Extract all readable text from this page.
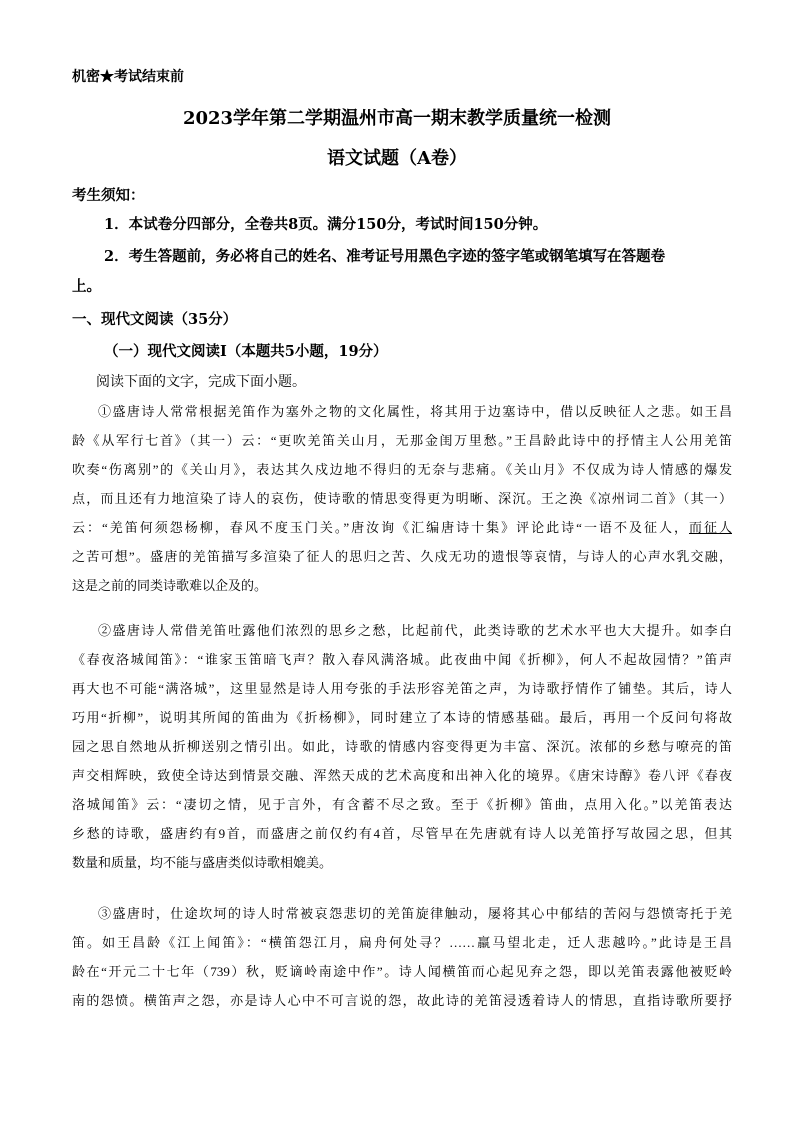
机密★考试结束前
2023学年第二学期温州市高一期末教学质量统一检测
语文试题（A卷）
考生须知：
1．本试卷分四部分，全卷共8页。满分150分，考试时间150分钟。
2．考生答题前，务必将自己的姓名、准考证号用黑色字迹的签字笔或钢笔填写在答题卷
上。
一、现代文阅读（35分）
（一）现代文阅读Ⅰ（本题共5小题，19分）
阅读下面的文字，完成下面小题。
①盛唐诗人常常根据羌笛作为塞外之物的文化属性，将其用于边塞诗中，借以反映征人之悲。如王昌
龄《从军行七首》（其一）云：“更吹羌笛关山月，无那金闺万里愁。”王昌龄此诗中的抒情主人公用羌笛
吹奏“伤离别”的《关山月》，表达其久戍边地不得归的无奈与悲痛。《关山月》不仅成为诗人情感的爆发
点，而且还有力地渲染了诗人的哀伤，使诗歌的情思变得更为明晰、深沉。王之涣《凉州词二首》（其一）
云：“羌笛何须怨杨柳，春风不度玉门关。”唐汝询《汇编唐诗十集》评论此诗“一语不及征人，而征人
之苦可想”。盛唐的羌笛描写多渲染了征人的思归之苦、久戍无功的遗恨等哀情，与诗人的心声水乳交融，
这是之前的同类诗歌难以企及的。
②盛唐诗人常借羌笛吐露他们浓烈的思乡之愁，比起前代，此类诗歌的艺术水平也大大提升。如李白
《春夜洛城闻笛》：“谁家玉笛暗飞声？散入春风满洛城。此夜曲中闻《折柳》，何人不起故园情？”笛声
再大也不可能“满洛城”，这里显然是诗人用夸张的手法形容羌笛之声，为诗歌抒情作了铺垫。其后，诗人
巧用“折柳”，说明其所闻的笛曲为《折杨柳》，同时建立了本诗的情感基础。最后，再用一个反问句将故
园之思自然地从折柳送别之情引出。如此，诗歌的情感内容变得更为丰富、深沉。浓郁的乡愁与嘹亮的笛
声交相辉映，致使全诗达到情景交融、浑然天成的艺术高度和出神入化的境界。《唐宋诗醇》卷八评《春夜
洛城闻笛》云：“凄切之情，见于言外，有含蓄不尽之致。至于《折柳》笛曲，点用入化。”以羌笛表达
乡愁的诗歌，盛唐约有9首，而盛唐之前仅约有4首，尽管早在先唐就有诗人以羌笛抒写故园之思，但其
数量和质量，均不能与盛唐类似诗歌相媲美。
③盛唐时，仕途坎坷的诗人时常被哀怨悲切的羌笛旋律触动，屡将其心中郁结的苦闷与怨愤寄托于羌
笛。如王昌龄《江上闻笛》：“横笛怨江月，扁舟何处寻？……羸马望北走，迁人悲越吟。”此诗是王昌
龄在“开元二十七年（739）秋，贬谪岭南途中作”。诗人闻横笛而心起见弃之怨，即以羌笛表露他被贬岭
南的怨愤。横笛声之怨，亦是诗人心中不可言说的怨，故此诗的羌笛浸透着诗人的情思，直指诗歌所要抒
